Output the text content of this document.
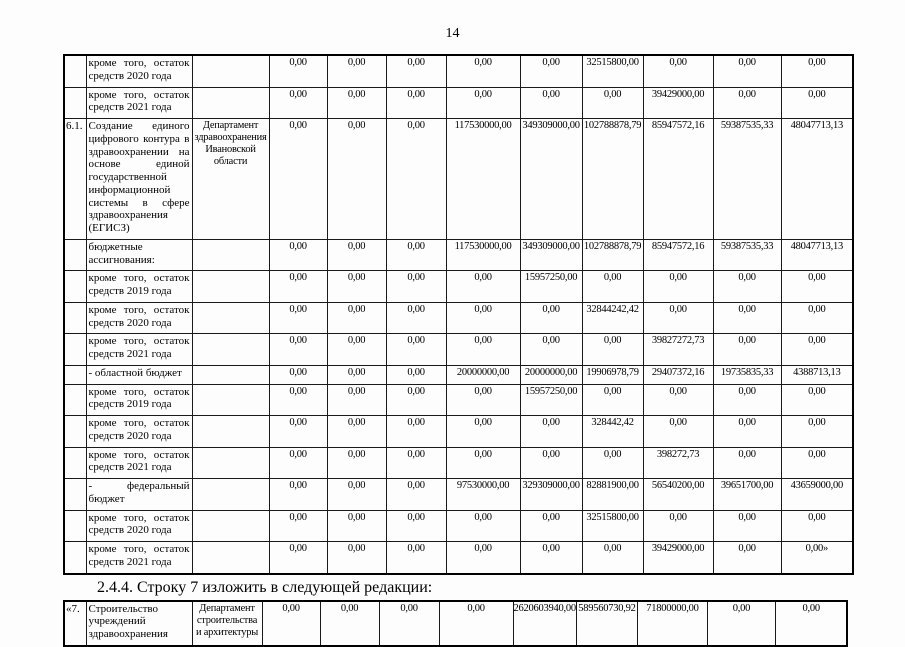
14
	кроме того, остаток средств 2020 года		0,00	0,00	0,00	0,00	0,00	32515800,00	0,00	0,00	0,00
	кроме того, остаток средств 2021 года		0,00	0,00	0,00	0,00	0,00	0,00	39429000,00	0,00	0,00
6.1.	Создание единого цифрового контура в здравоохранении на основе единой государственной информационной системы в сфере здравоохранения (ЕГИСЗ)	Департамент здравоохранения Ивановской области	0,00	0,00	0,00	117530000,00	349309000,00	102788878,79	85947572,16	59387535,33	48047713,13
	бюджетные ассигнования:		0,00	0,00	0,00	117530000,00	349309000,00	102788878,79	85947572,16	59387535,33	48047713,13
	кроме того, остаток средств 2019 года		0,00	0,00	0,00	0,00	15957250,00	0,00	0,00	0,00	0,00
	кроме того, остаток средств 2020 года		0,00	0,00	0,00	0,00	0,00	32844242,42	0,00	0,00	0,00
	кроме того, остаток средств 2021 года		0,00	0,00	0,00	0,00	0,00	0,00	39827272,73	0,00	0,00
	- областной бюджет		0,00	0,00	0,00	20000000,00	20000000,00	19906978,79	29407372,16	19735835,33	4388713,13
	кроме того, остаток средств 2019 года		0,00	0,00	0,00	0,00	15957250,00	0,00	0,00	0,00	0,00
	кроме того, остаток средств 2020 года		0,00	0,00	0,00	0,00	0,00	328442,42	0,00	0,00	0,00
	кроме того, остаток средств 2021 года		0,00	0,00	0,00	0,00	0,00	0,00	398272,73	0,00	0,00
	- федеральный бюджет		0,00	0,00	0,00	97530000,00	329309000,00	82881900,00	56540200,00	39651700,00	43659000,00
	кроме того, остаток средств 2020 года		0,00	0,00	0,00	0,00	0,00	32515800,00	0,00	0,00	0,00
	кроме того, остаток средств 2021 года		0,00	0,00	0,00	0,00	0,00	0,00	39429000,00	0,00	0,00»
2.4.4. Строку 7 изложить в следующей редакции:
«7.	Строительство учреждений здравоохранения	Департамент строительства и архитектуры	0,00	0,00	0,00	0,00	2620603940,00	589560730,92	71800000,00	0,00	0,00
